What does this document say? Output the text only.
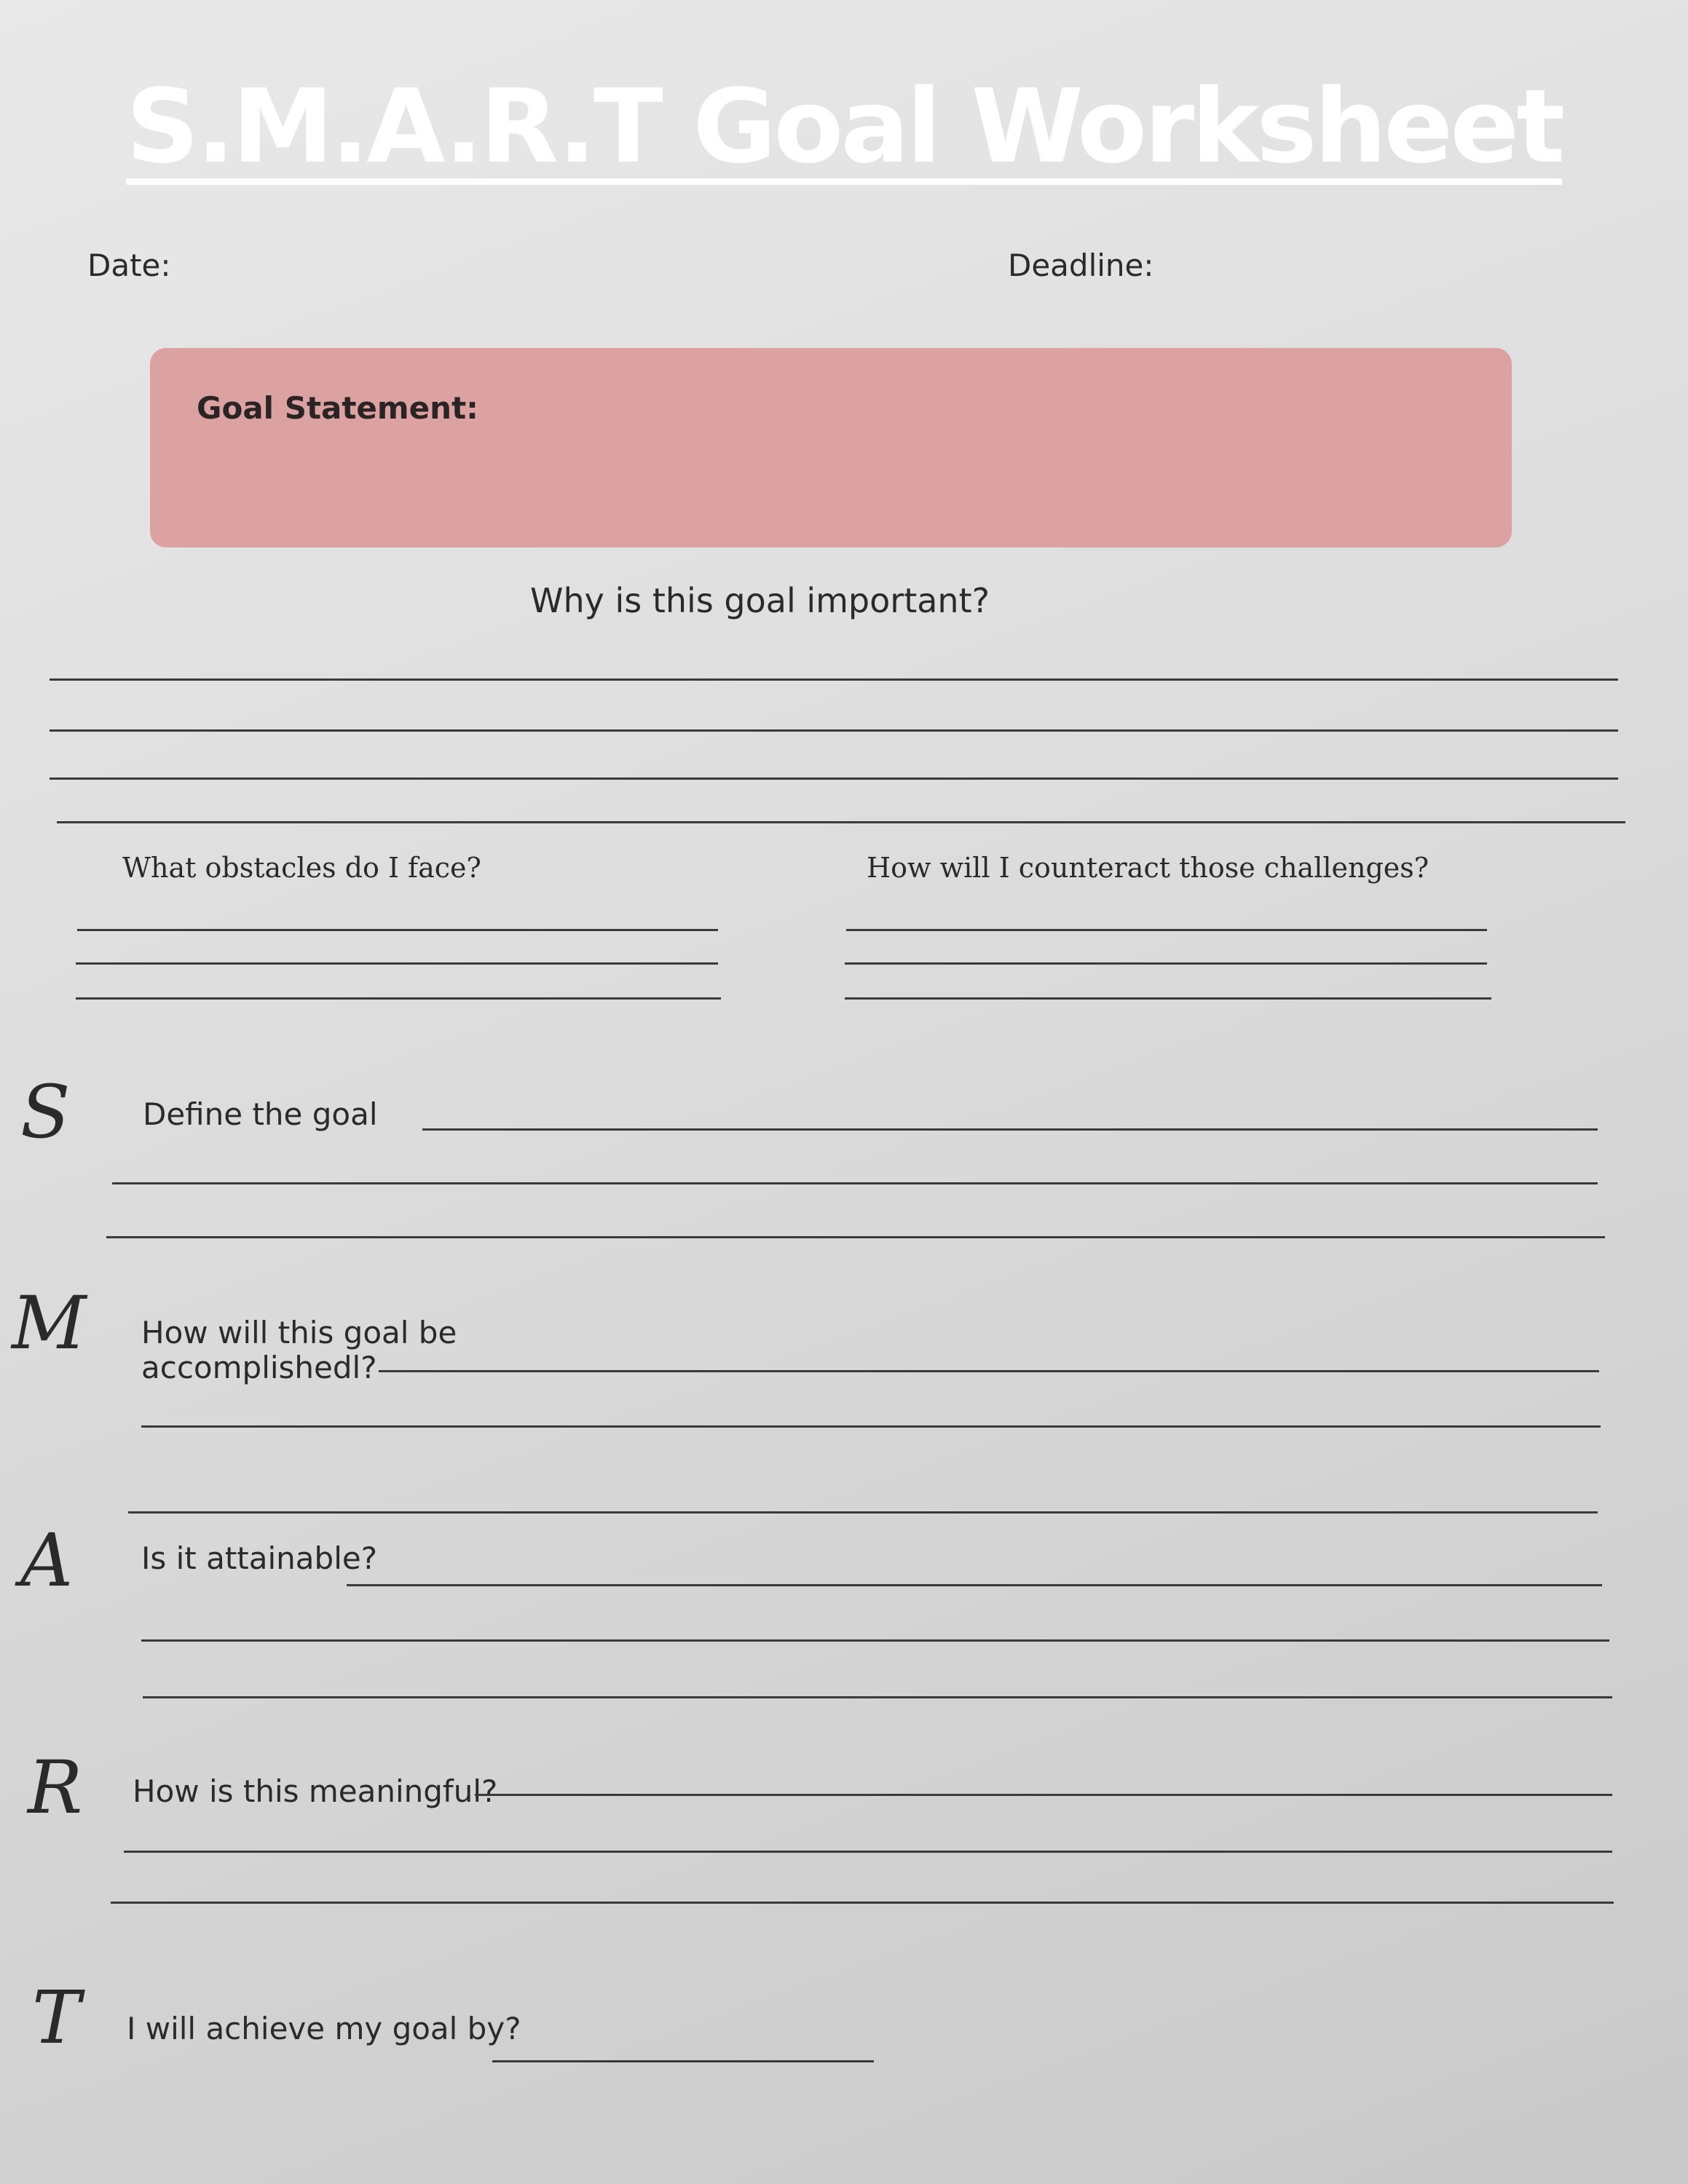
S.M.A.R.T Goal Worksheet
Date:	Deadline:
Goal Statement:
Why is this goal important?
What obstacles do I face?	How will I counteract those challenges?
S Define the goal
M How will this goal be
accomplishedl?
A Is it attainable?
R How is this meaningful?
T I will achieve my goal by?
